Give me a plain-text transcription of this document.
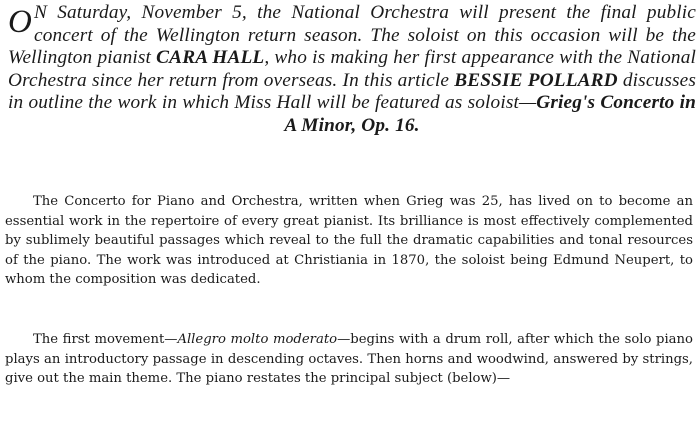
O N Saturday, November 5, the National Orchestra will present the final public concert of the Wellington return season. The soloist on this occasion will be the Wellington pianist CARA HALL, who is making her first appearance with the National Orchestra since her return from overseas. In this article BESSIE POLLARD discusses in outline the work in which Miss Hall will be featured as soloist—Grieg's Concerto in A Minor, Op. 16.

The Concerto for Piano and Orchestra, written when Grieg was 25, has lived on to become an essential work in the repertoire of every great pianist. Its brilliance is most effectively complemented by sublimely beautiful passages which reveal to the full the dramatic capabilities and tonal resources of the piano. The work was introduced at Christiania in 1870, the soloist being Edmund Neupert, to whom the composition was dedicated.

The first movement—Allegro molto moderato—begins with a drum roll, after which the solo piano plays an introductory passage in descending octaves. Then horns and woodwind, answered by strings, give out the main theme. The piano restates the principal subject (below)—
